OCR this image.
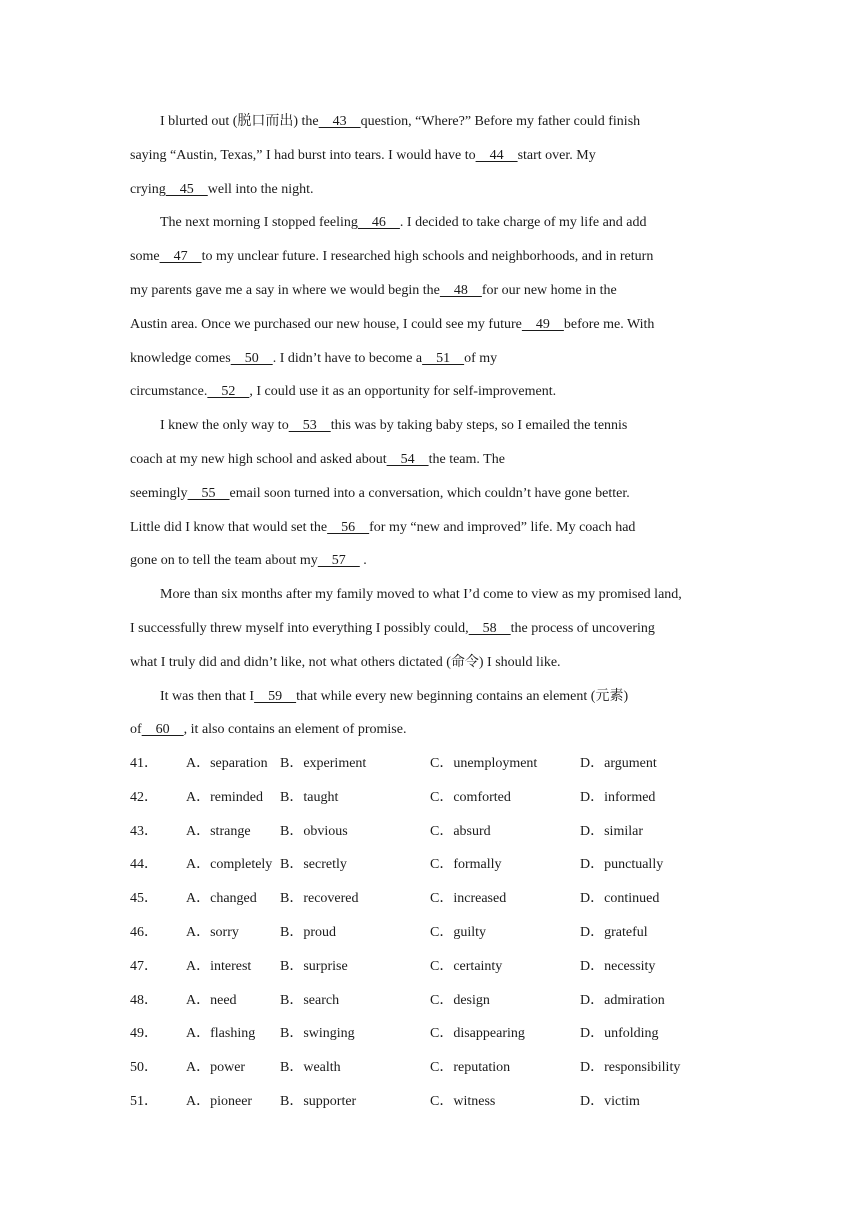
I blurted out (脱口而出) the    43    question, “Where?” Before my father could finish
saying “Austin, Texas,” I had burst into tears. I would have to    44    start over. My
crying    45    well into the night.
The next morning I stopped feeling    46    . I decided to take charge of my life and add
some    47    to my unclear future. I researched high schools and neighborhoods, and in return
my parents gave me a say in where we would begin the    48    for our new home in the
Austin area. Once we purchased our new house, I could see my future    49    before me. With
knowledge comes    50    . I didn’t have to become a    51    of my
circumstance.    52    , I could use it as an opportunity for self-improvement.
I knew the only way to    53    this was by taking baby steps, so I emailed the tennis
coach at my new high school and asked about    54    the team. The
seemingly    55    email soon turned into a conversation, which couldn’t have gone better.
Little did I know that would set the    56    for my “new and improved” life. My coach had
gone on to tell the team about my    57     .
More than six months after my family moved to what I’d come to view as my promised land,
I successfully threw myself into everything I possibly could,    58    the process of uncovering
what I truly did and didn’t like, not what others dictated (命令) I should like.
It was then that I    59    that while every new beginning contains an element (元素)
of    60    , it also contains an element of promise.
41． A．separation B．experiment	C．unemployment	D．argument
42． A．reminded B．taught	C．comforted	D．informed
43． A．strange B．obvious	C．absurd	D．similar
44． A．completely B．secretly	C．formally	D．punctually
45． A．changed B．recovered	C．increased	D．continued
46． A．sorry	B．proud	C．guilty	D．grateful
47． A．interest B．surprise	C．certainty	D．necessity
48． A．need	B．search	C．design	D．admiration
49． A．flashing B．swinging	C．disappearing	D．unfolding
50． A．power B．wealth	C．reputation	D．responsibility
51． A．pioneer B．supporter	C．witness	D．victim
